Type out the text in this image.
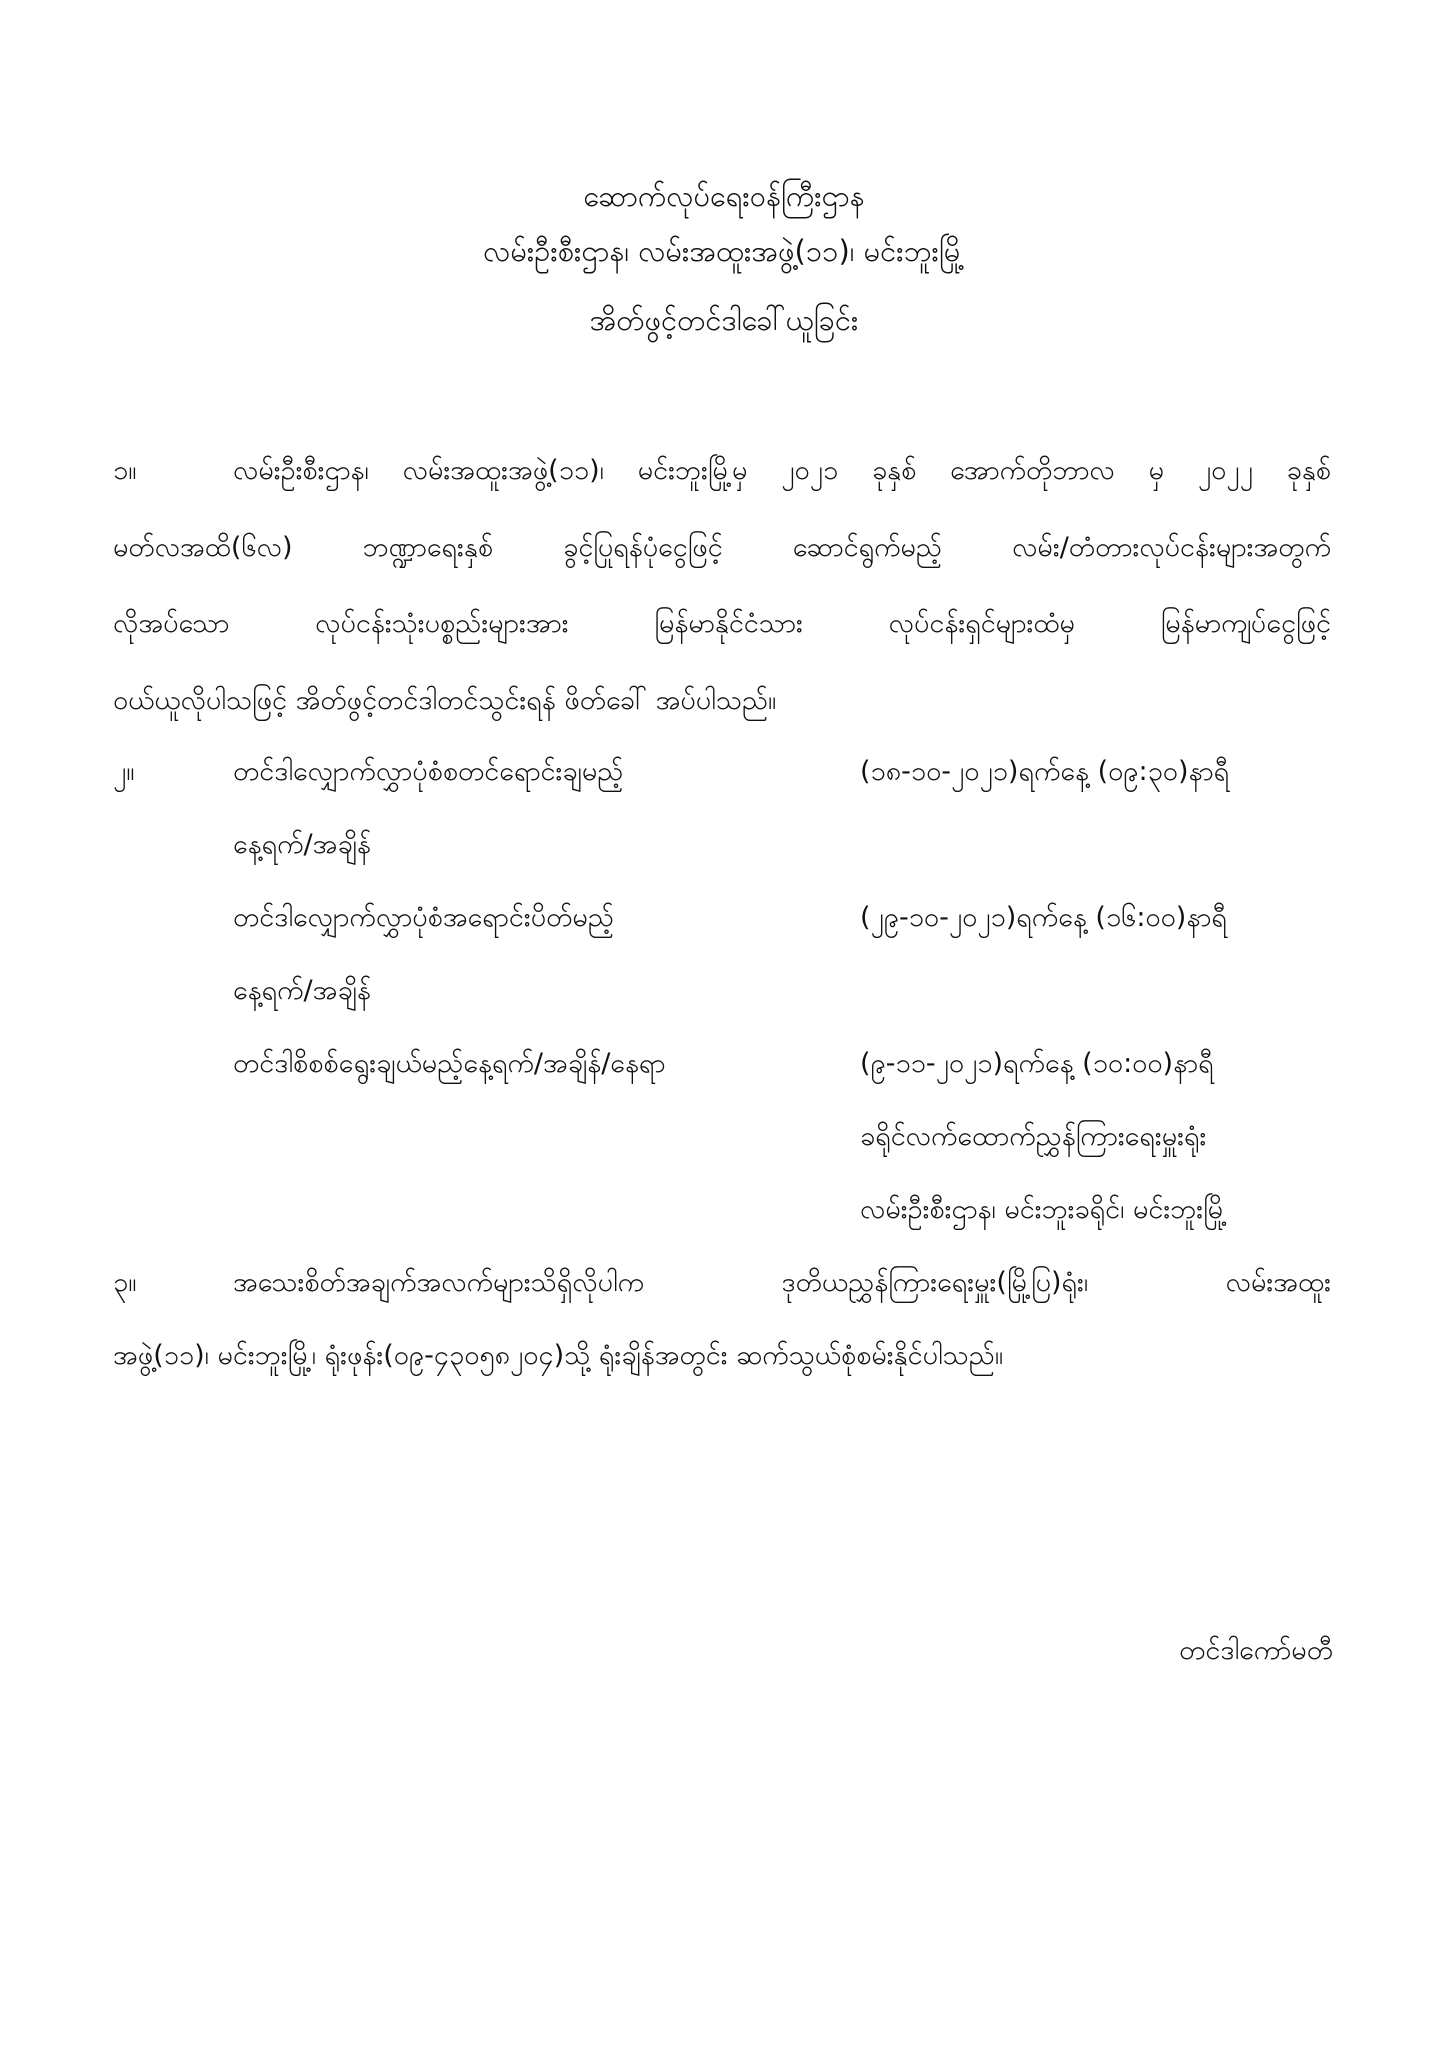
ဆောက်လုပ်ရေးဝန်ကြီးဌာန
လမ်းဦးစီးဌာန၊ လမ်းအထူးအဖွဲ့(၁၁)၊ မင်းဘူးမြို့
အိတ်ဖွင့်တင်ဒါခေါ်ယူခြင်း
၁။	လမ်းဦးစီးဌာန၊ လမ်းအထူးအဖွဲ့(၁၁)၊ မင်းဘူးမြို့မှ ၂၀၂၁ ခုနှစ် အောက်တိုဘာလ မှ ၂၀၂၂ ခုနှစ်
မတ်လအထိ(၆လ) ဘဏ္ဍာရေးနှစ် ခွင့်ပြုရန်ပုံငွေဖြင့် ဆောင်ရွက်မည့် လမ်း/တံတားလုပ်ငန်းများအတွက်
လိုအပ်သော လုပ်ငန်းသုံးပစ္စည်းများအား မြန်မာနိုင်ငံသား လုပ်ငန်းရှင်များထံမှ မြန်မာကျပ်ငွေဖြင့်
ဝယ်ယူလိုပါသဖြင့် အိတ်ဖွင့်တင်ဒါတင်သွင်းရန် ဖိတ်ခေါ် အပ်ပါသည်။
၂။	တင်ဒါလျှောက်လွှာပုံစံစတင်ရောင်းချမည့်	(၁၈-၁၀-၂၀၂၁)ရက်နေ့ (၀၉:၃၀)နာရီ
နေ့ရက်/အချိန်
တင်ဒါလျှောက်လွှာပုံစံအရောင်းပိတ်မည့်	(၂၉-၁၀-၂၀၂၁)ရက်နေ့ (၁၆:၀၀)နာရီ
နေ့ရက်/အချိန်
တင်ဒါစိစစ်ရွေးချယ်မည့်နေ့ရက်/အချိန်/နေရာ	(၉-၁၁-၂၀၂၁)ရက်နေ့ (၁၀:၀၀)နာရီ
ခရိုင်လက်ထောက်ညွှန်ကြားရေးမှူးရုံး
လမ်းဦးစီးဌာန၊ မင်းဘူးခရိုင်၊ မင်းဘူးမြို့
၃။	အသေးစိတ်အချက်အလက်များသိရှိလိုပါက ဒုတိယညွှန်ကြားရေးမှူး(မြို့ပြ)ရုံး၊ လမ်းအထူး
အဖွဲ့(၁၁)၊ မင်းဘူးမြို့၊ ရုံးဖုန်း(၀၉-၄၃၀၅၈၂၀၄)သို့ ရုံးချိန်အတွင်း ဆက်သွယ်စုံစမ်းနိုင်ပါသည်။
တင်ဒါကော်မတီ
